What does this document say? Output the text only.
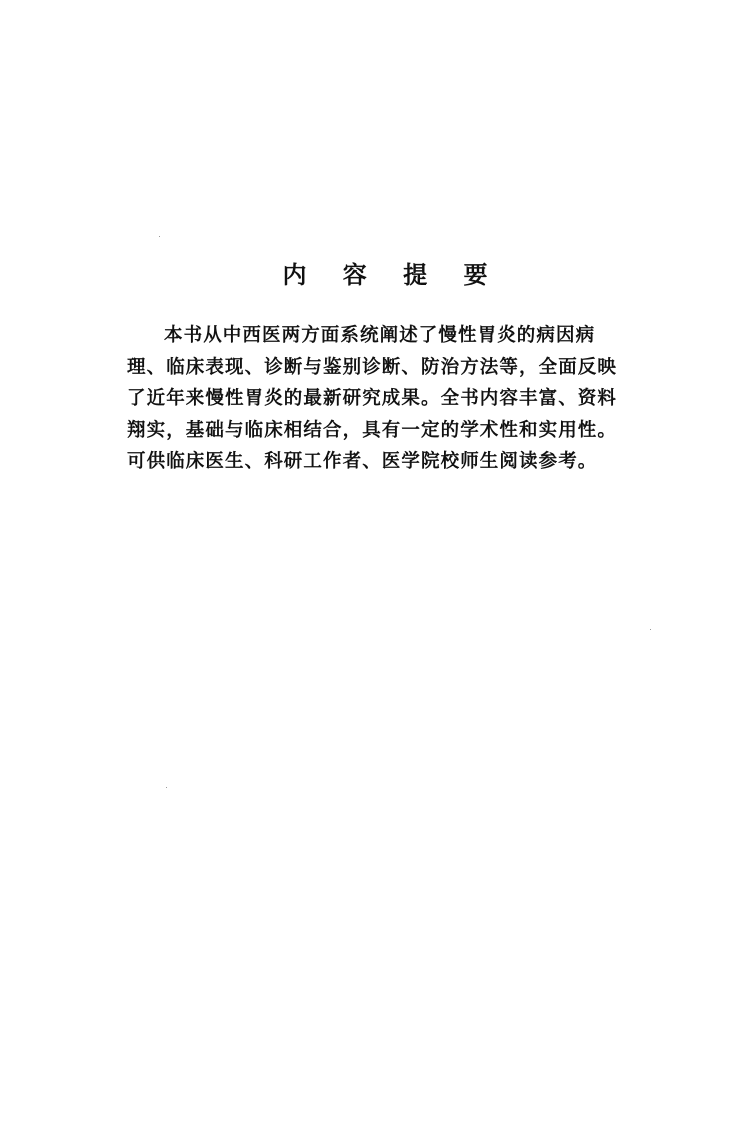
内 容 提 要
本书从中西医两方面系统阐述了慢性胃炎的病因病
理、临床表现、诊断与鉴别诊断、防治方法等，全面反映
了近年来慢性胃炎的最新研究成果。全书内容丰富、资料
翔实，基础与临床相结合，具有一定的学术性和实用性。
可供临床医生、科研工作者、医学院校师生阅读参考。
